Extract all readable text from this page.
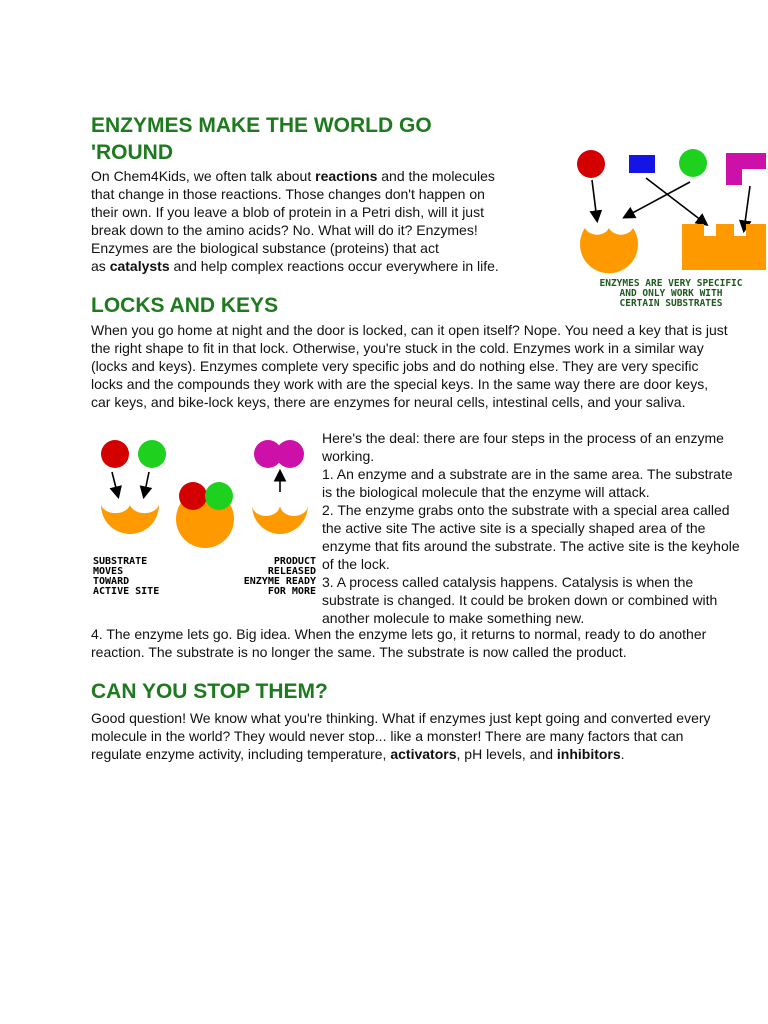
ENZYMES MAKE THE WORLD GO
'ROUND
On Chem4Kids, we often talk about reactions and the molecules
that change in those reactions. Those changes don't happen on
their own. If you leave a blob of protein in a Petri dish, will it just
break down to the amino acids? No. What will do it? Enzymes!
Enzymes are the biological substance (proteins) that act
as catalysts and help complex reactions occur everywhere in life.
ENZYMES ARE VERY SPECIFIC
AND ONLY WORK WITH
CERTAIN SUBSTRATES
LOCKS AND KEYS
When you go home at night and the door is locked, can it open itself? Nope. You need a key that is just
the right shape to fit in that lock. Otherwise, you're stuck in the cold. Enzymes work in a similar way
(locks and keys). Enzymes complete very specific jobs and do nothing else. They are very specific
locks and the compounds they work with are the special keys. In the same way there are door keys,
car keys, and bike-lock keys, there are enzymes for neural cells, intestinal cells, and your saliva.
SUBSTRATE
MOVES
TOWARD
ACTIVE SITE
PRODUCT
RELEASED
ENZYME READY
FOR MORE
Here's the deal: there are four steps in the process of an enzyme
working.
1. An enzyme and a substrate are in the same area. The substrate
is the biological molecule that the enzyme will attack.
2. The enzyme grabs onto the substrate with a special area called
the active site The active site is a specially shaped area of the
enzyme that fits around the substrate. The active site is the keyhole
of the lock.
3. A process called catalysis happens. Catalysis is when the
substrate is changed. It could be broken down or combined with
another molecule to make something new.
4. The enzyme lets go. Big idea. When the enzyme lets go, it returns to normal, ready to do another
reaction. The substrate is no longer the same. The substrate is now called the product.
CAN YOU STOP THEM?
Good question! We know what you're thinking. What if enzymes just kept going and converted every
molecule in the world? They would never stop... like a monster! There are many factors that can
regulate enzyme activity, including temperature, activators, pH levels, and inhibitors.
